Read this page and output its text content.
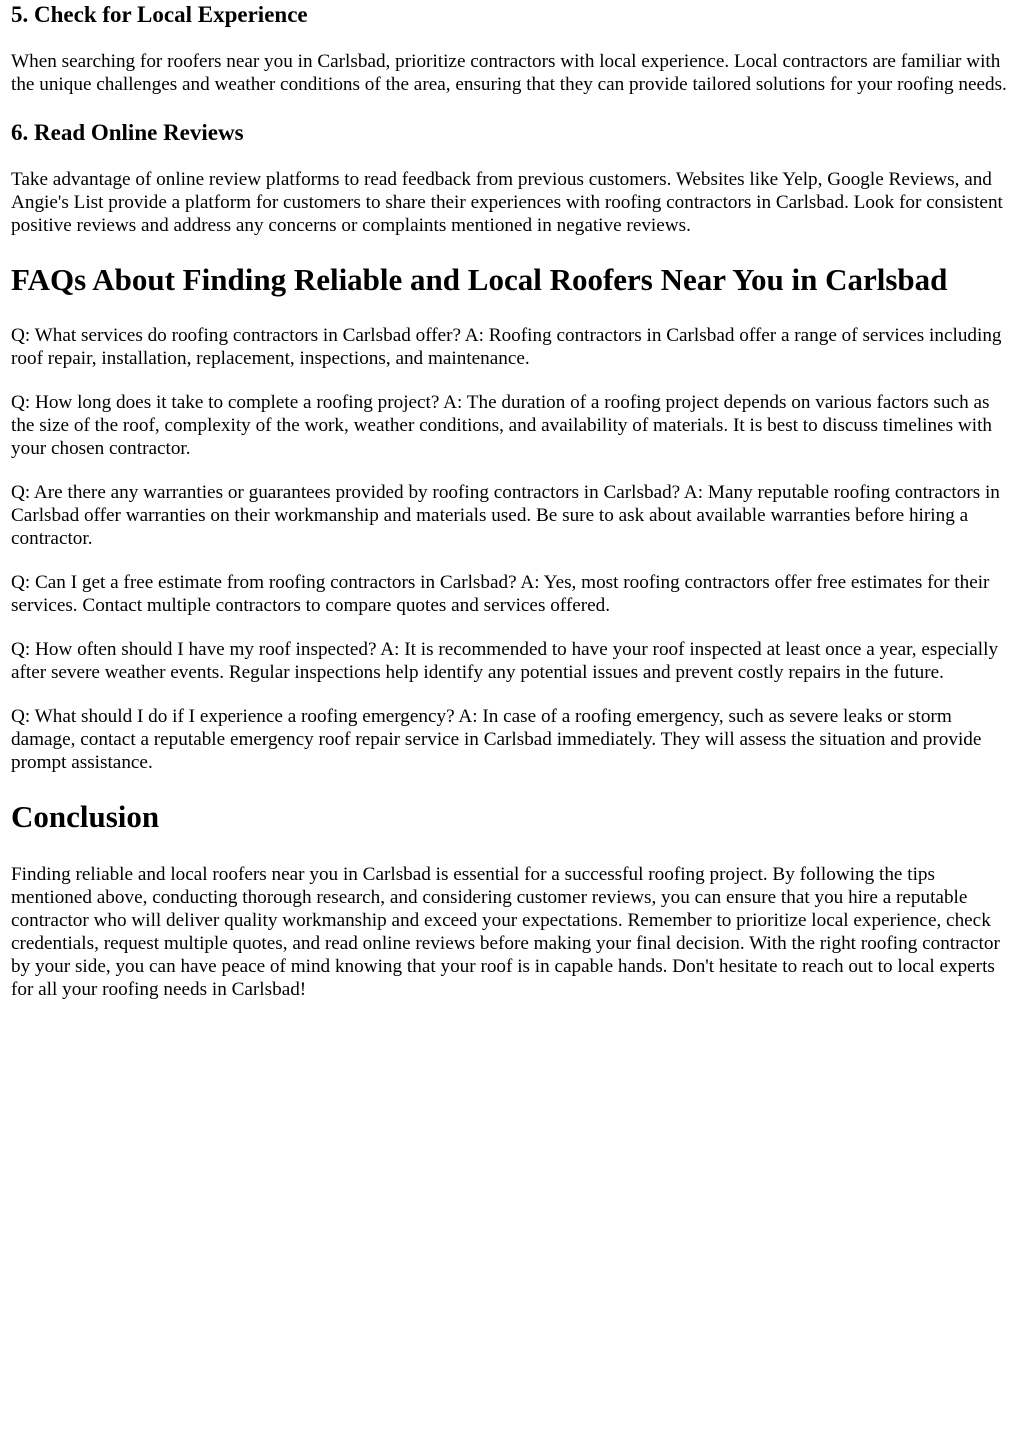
5. Check for Local Experience

When searching for roofers near you in Carlsbad, prioritize contractors with local experience. Local contractors are familiar with the unique challenges and weather conditions of the area, ensuring that they can provide tailored solutions for your roofing needs.

6. Read Online Reviews

Take advantage of online review platforms to read feedback from previous customers. Websites like Yelp, Google Reviews, and Angie's List provide a platform for customers to share their experiences with roofing contractors in Carlsbad. Look for consistent positive reviews and address any concerns or complaints mentioned in negative reviews.

FAQs About Finding Reliable and Local Roofers Near You in Carlsbad

Q: What services do roofing contractors in Carlsbad offer? A: Roofing contractors in Carlsbad offer a range of services including roof repair, installation, replacement, inspections, and maintenance.

Q: How long does it take to complete a roofing project? A: The duration of a roofing project depends on various factors such as the size of the roof, complexity of the work, weather conditions, and availability of materials. It is best to discuss timelines with your chosen contractor.

Q: Are there any warranties or guarantees provided by roofing contractors in Carlsbad? A: Many reputable roofing contractors in Carlsbad offer warranties on their workmanship and materials used. Be sure to ask about available warranties before hiring a contractor.

Q: Can I get a free estimate from roofing contractors in Carlsbad? A: Yes, most roofing contractors offer free estimates for their services. Contact multiple contractors to compare quotes and services offered.

Q: How often should I have my roof inspected? A: It is recommended to have your roof inspected at least once a year, especially after severe weather events. Regular inspections help identify any potential issues and prevent costly repairs in the future.

Q: What should I do if I experience a roofing emergency? A: In case of a roofing emergency, such as severe leaks or storm damage, contact a reputable emergency roof repair service in Carlsbad immediately. They will assess the situation and provide prompt assistance.

Conclusion

Finding reliable and local roofers near you in Carlsbad is essential for a successful roofing project. By following the tips mentioned above, conducting thorough research, and considering customer reviews, you can ensure that you hire a reputable contractor who will deliver quality workmanship and exceed your expectations. Remember to prioritize local experience, check credentials, request multiple quotes, and read online reviews before making your final decision. With the right roofing contractor by your side, you can have peace of mind knowing that your roof is in capable hands. Don't hesitate to reach out to local experts for all your roofing needs in Carlsbad!
